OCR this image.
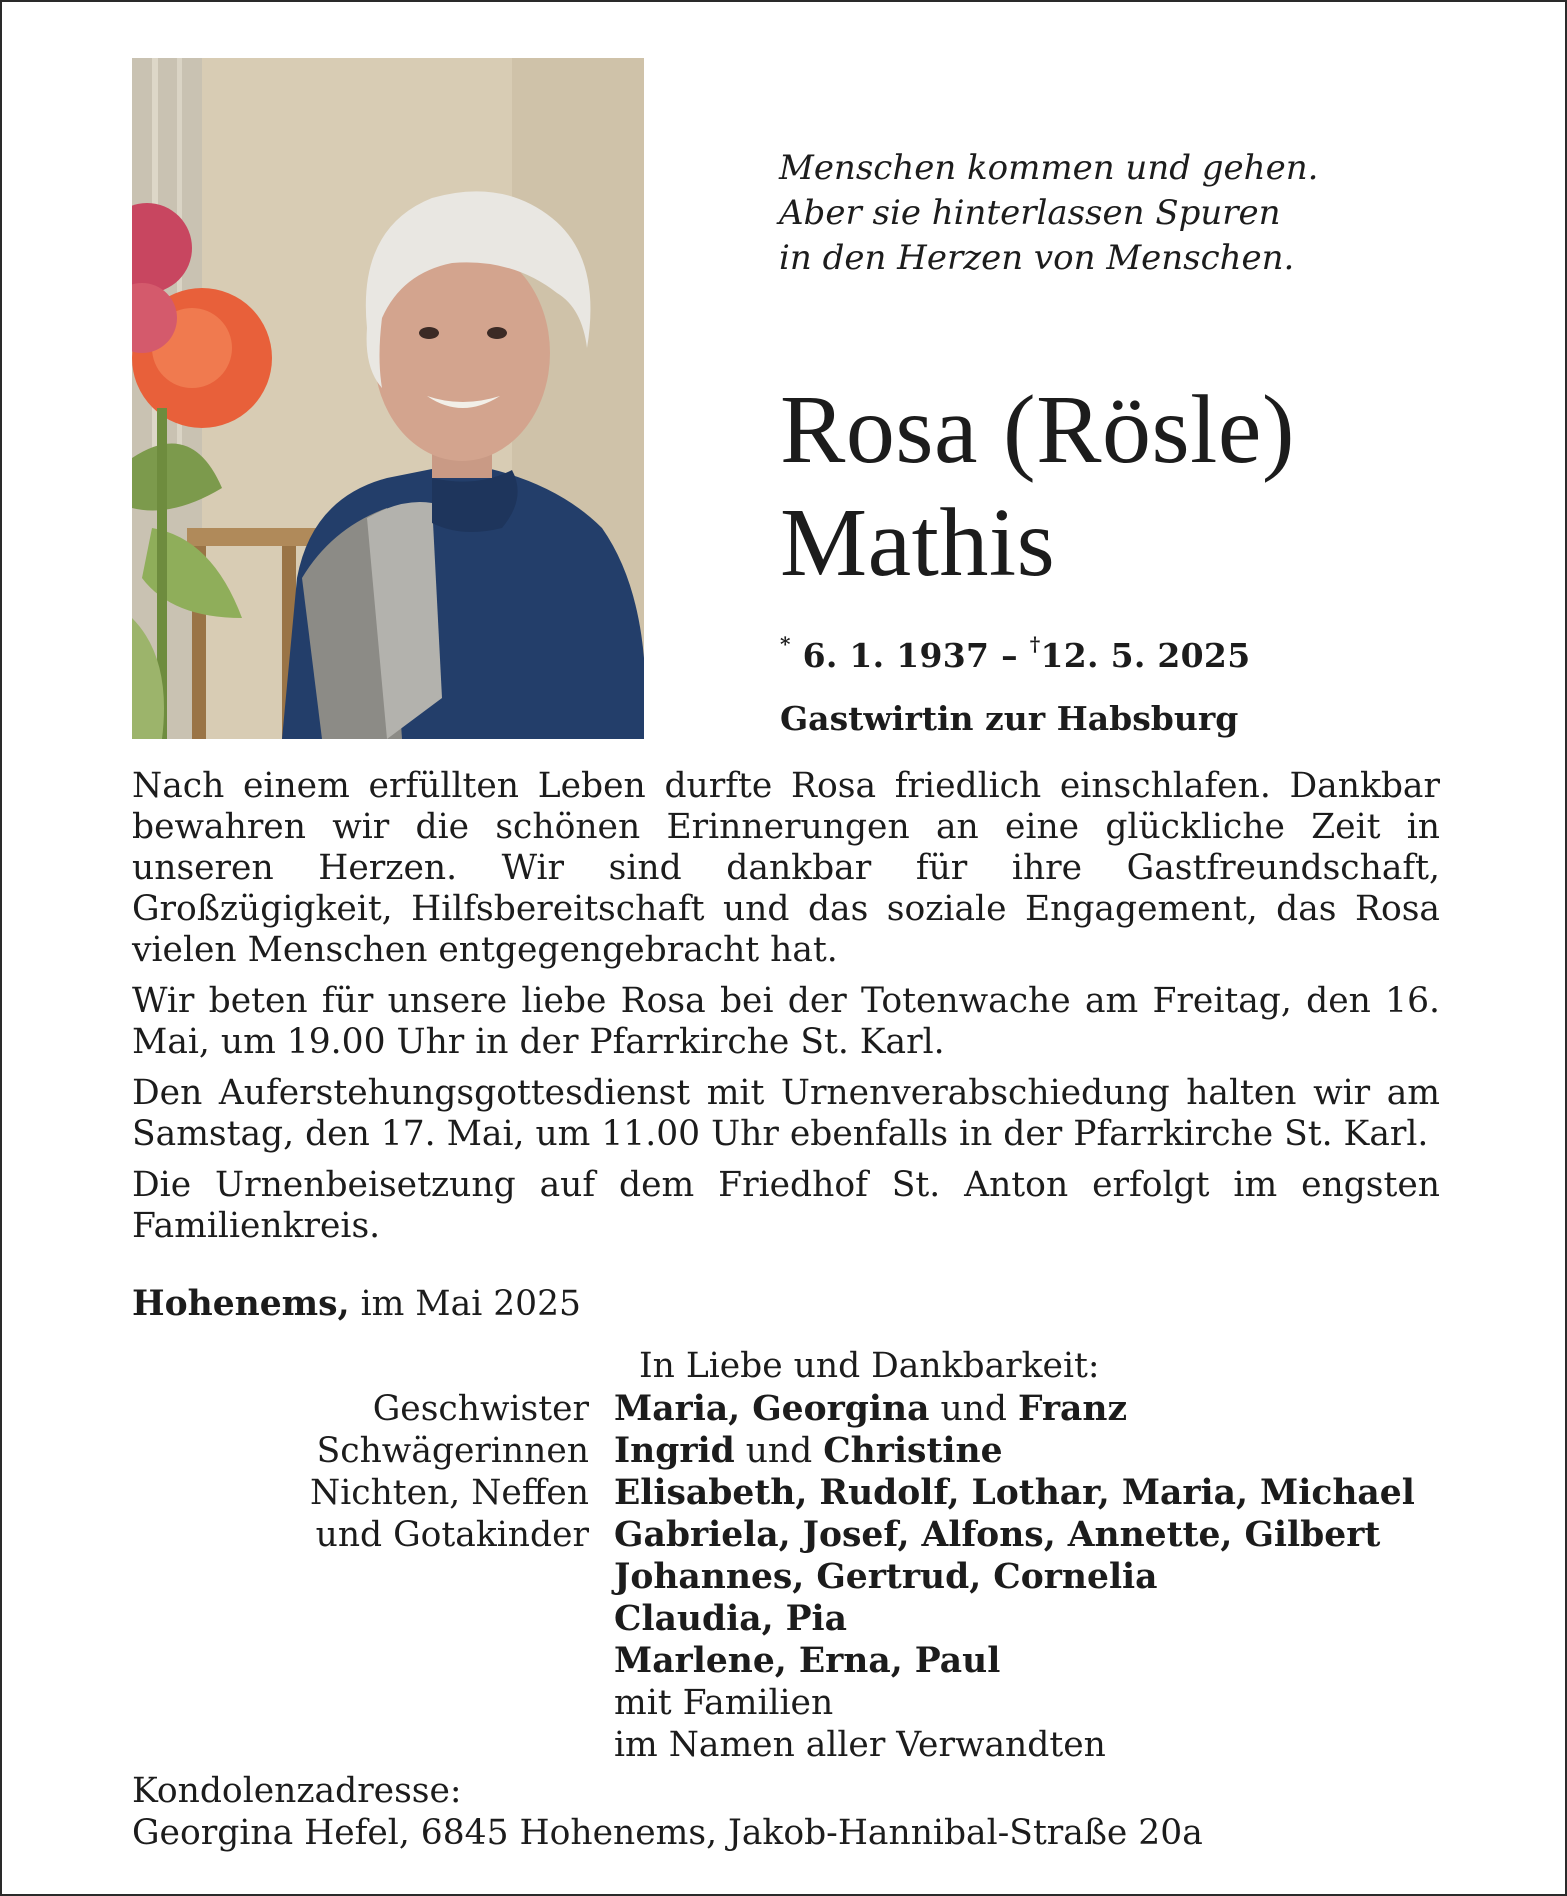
Menschen kommen und gehen.
Aber sie hinterlassen Spuren
in den Herzen von Menschen.
Rosa (Rösle)
Mathis
* 6. 1. 1937 – †12. 5. 2025
Gastwirtin zur Habsburg

Nach einem erfüllten Leben durfte Rosa friedlich einschlafen. Dankbar bewahren wir die schönen Erinnerungen an eine glückliche Zeit in unseren Herzen. Wir sind dankbar für ihre Gastfreundschaft, Großzügigkeit, Hilfsbereitschaft und das soziale Engagement, das Rosa vielen Menschen entgegengebracht hat.

Wir beten für unsere liebe Rosa bei der Totenwache am Freitag, den 16. Mai, um 19.00 Uhr in der Pfarrkirche St. Karl.

Den Auferstehungsgottesdienst mit Urnenverabschiedung halten wir am Samstag, den 17. Mai, um 11.00 Uhr ebenfalls in der Pfarrkirche St. Karl.

Die Urnenbeisetzung auf dem Friedhof St. Anton erfolgt im engsten Familienkreis.

Hohenems, im Mai 2025
In Liebe und Dankbarkeit:
Geschwister Maria, Georgina und Franz
Schwägerinnen Ingrid und Christine
Nichten, Neffen Elisabeth, Rudolf, Lothar, Maria, Michael
und Gotakinder Gabriela, Josef, Alfons, Annette, Gilbert
Johannes, Gertrud, Cornelia
Claudia, Pia
Marlene, Erna, Paul
mit Familien
im Namen aller Verwandten
Kondolenzadresse:
Georgina Hefel, 6845 Hohenems, Jakob-Hannibal-Straße 20a
